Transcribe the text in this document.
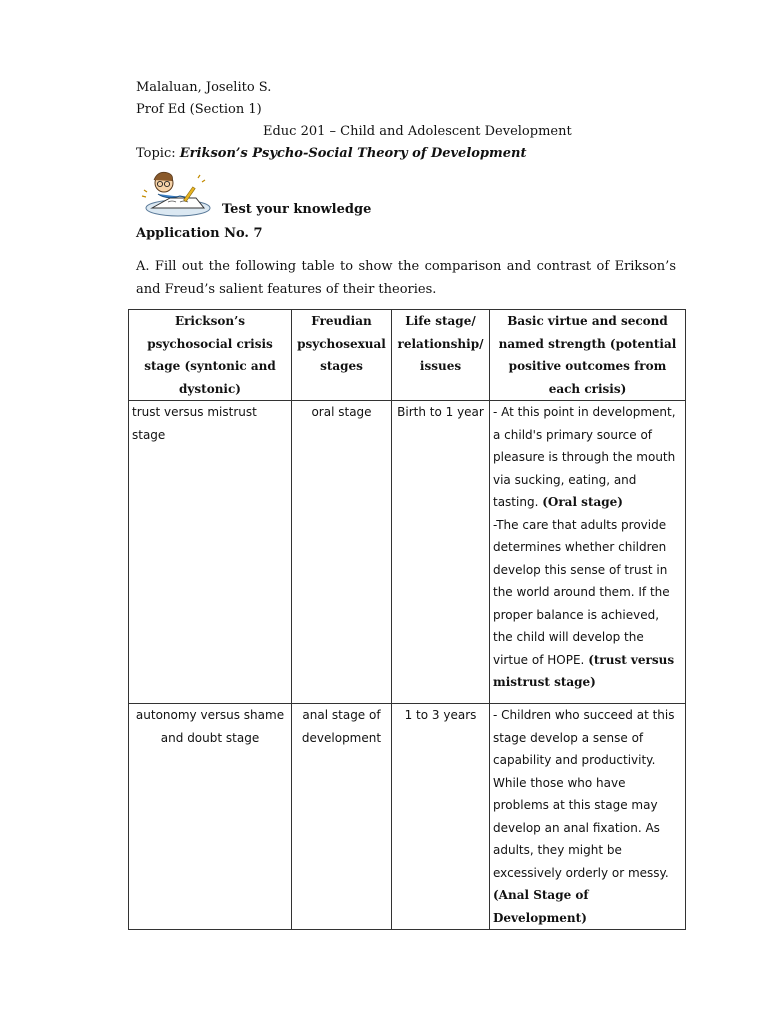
Malaluan, Joselito S.
Prof Ed (Section 1)
Educ 201 – Child and Adolescent Development
Topic: Erikson’s Psycho-Social Theory of Development
Test your knowledge
Application No. 7
A. Fill out the following table to show the comparison and contrast of Erikson’s and Freud’s salient features of their theories.
Erickson’s psychosocial crisis stage (syntonic and dystonic)	Freudian psychosexual stages	Life stage/ relationship/ issues	Basic virtue and second named strength (potential positive outcomes from each crisis)
trust versus mistrust stage	oral stage	Birth to 1 year	- At this point in development, a child's primary source of pleasure is through the mouth via sucking, eating, and tasting. (Oral stage)
-The care that adults provide determines whether children develop this sense of trust in the world around them. If the proper balance is achieved, the child will develop the virtue of HOPE. (trust versus mistrust stage)
autonomy versus shame and doubt stage	anal stage of development	1 to 3 years	- Children who succeed at this stage develop a sense of capability and productivity. While those who have problems at this stage may develop an anal fixation. As adults, they might be excessively orderly or messy. (Anal Stage of Development)
